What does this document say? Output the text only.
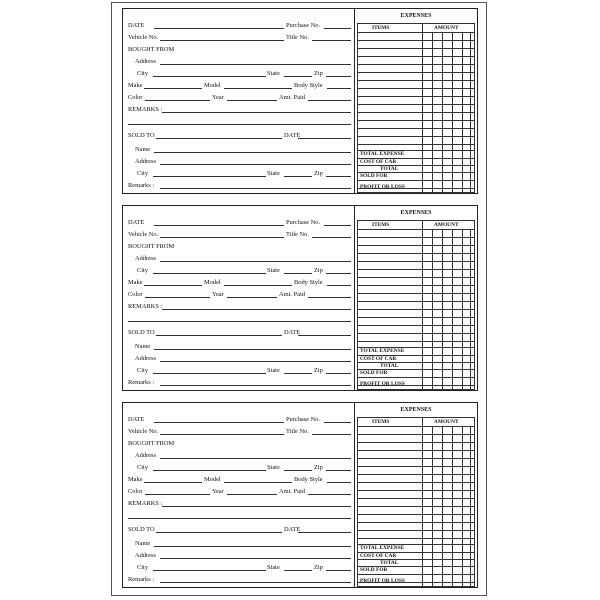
DATE	Purchase No.
Vehicle No.	Title No.
BOUGHT FROM
Address
City	State	Zip
Make	Model	Body Style
Color	Year	Amt. Paid
REMARKS :
SOLD TO	DATE
Name
Address
City	State	Zip
Remarks :
EXPENSES
ITEMS	AMOUNT
TOTAL EXPENSE
COST OF CAR
TOTAL
SOLD FOR
PROFIT OR LOSS
DATE	Purchase No.
Vehicle No.	Title No.
BOUGHT FROM
Address
City	State	Zip
Make	Model	Body Style
Color	Year	Amt. Paid
REMARKS :
SOLD TO	DATE
Name
Address
City	State	Zip
Remarks :
EXPENSES
ITEMS	AMOUNT
TOTAL EXPENSE
COST OF CAR
TOTAL
SOLD FOR
PROFIT OR LOSS
DATE	Purchase No.
Vehicle No.	Title No.
BOUGHT FROM
Address
City	State	Zip
Make	Model	Body Style
Color	Year	Amt. Paid
REMARKS :
SOLD TO	DATE
Name
Address
City	State	Zip
Remarks :
EXPENSES
ITEMS	AMOUNT
TOTAL EXPENSE
COST OF CAR
TOTAL
SOLD FOR
PROFIT OR LOSS
